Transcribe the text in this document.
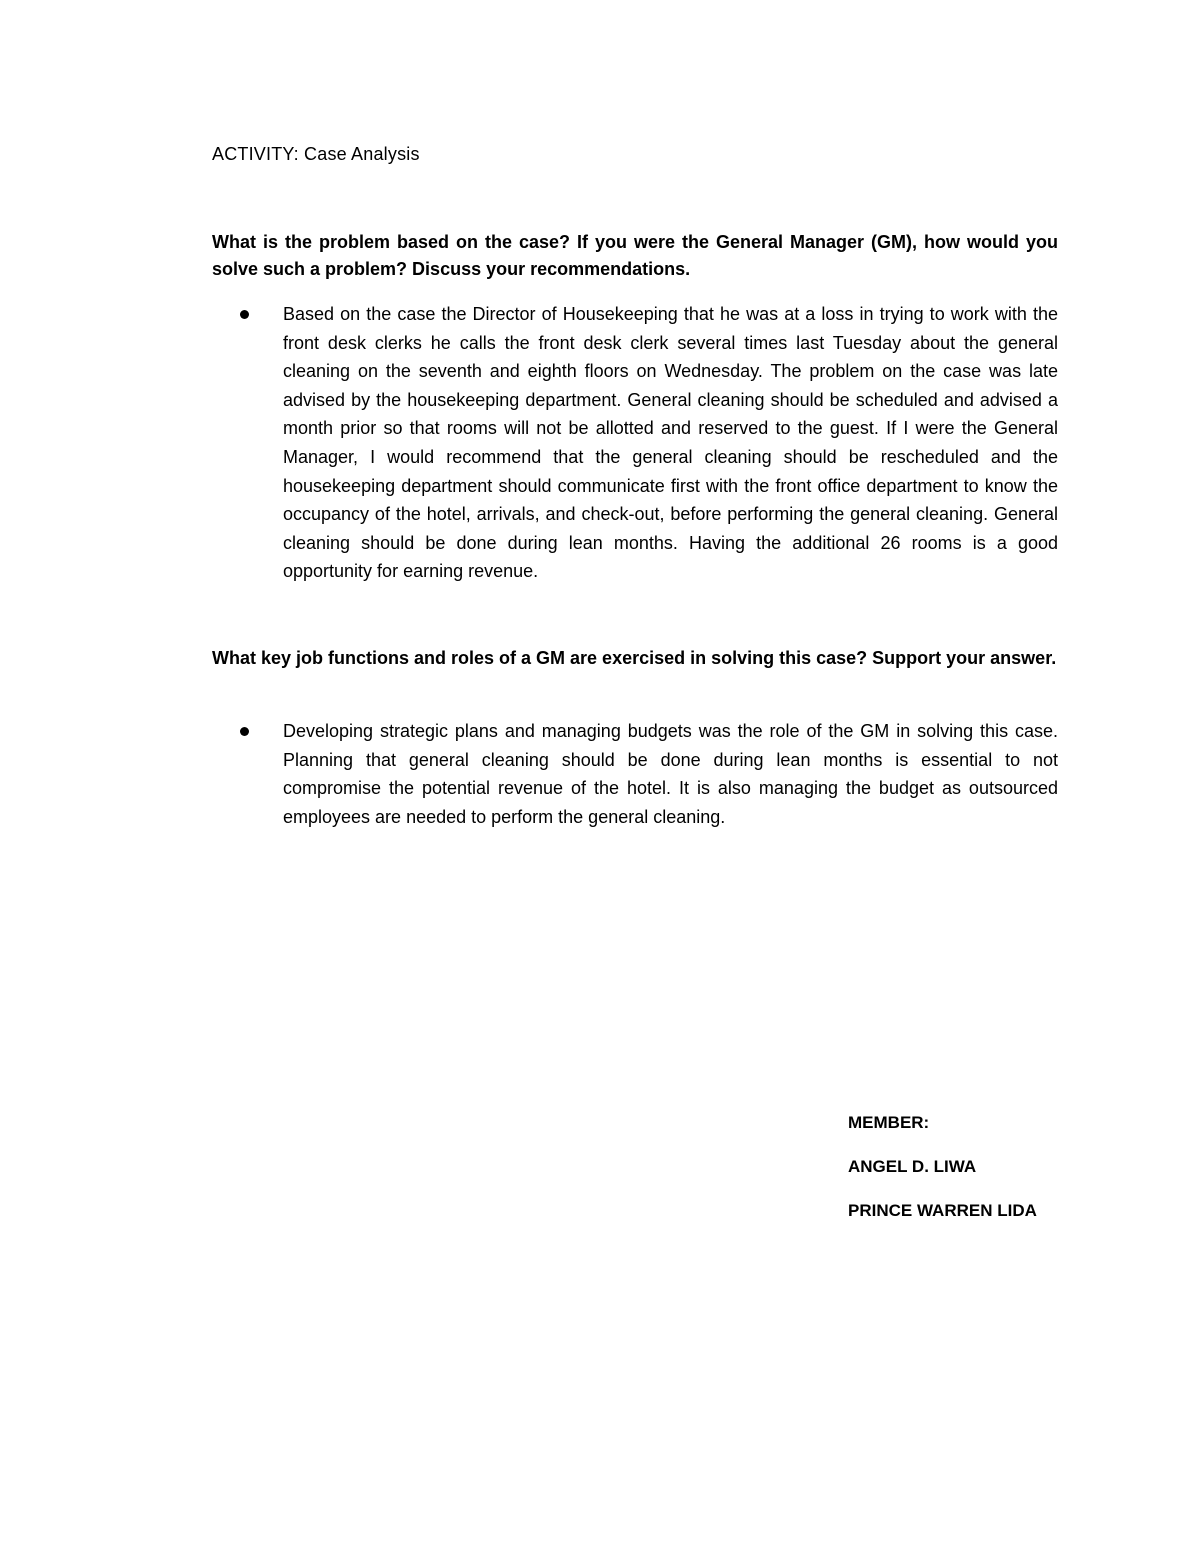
ACTIVITY: Case Analysis
What is the problem based on the case? If you were the General Manager (GM), how would you solve such a problem? Discuss your recommendations.
Based on the case the Director of Housekeeping that he was at a loss in trying to work with the front desk clerks he calls the front desk clerk several times last Tuesday about the general cleaning on the seventh and eighth floors on Wednesday. The problem on the case was late advised by the housekeeping department. General cleaning should be scheduled and advised a month prior so that rooms will not be allotted and reserved to the guest. If I were the General Manager, I would recommend that the general cleaning should be rescheduled and the housekeeping department should communicate first with the front office department to know the occupancy of the hotel, arrivals, and check-out, before performing the general cleaning. General cleaning should be done during lean months. Having the additional 26 rooms is a good opportunity for earning revenue.
What key job functions and roles of a GM are exercised in solving this case? Support your answer.
Developing strategic plans and managing budgets was the role of the GM in solving this case. Planning that general cleaning should be done during lean months is essential to not compromise the potential revenue of the hotel. It is also managing the budget as outsourced employees are needed to perform the general cleaning.
MEMBER:
ANGEL D. LIWA
PRINCE WARREN LIDA
